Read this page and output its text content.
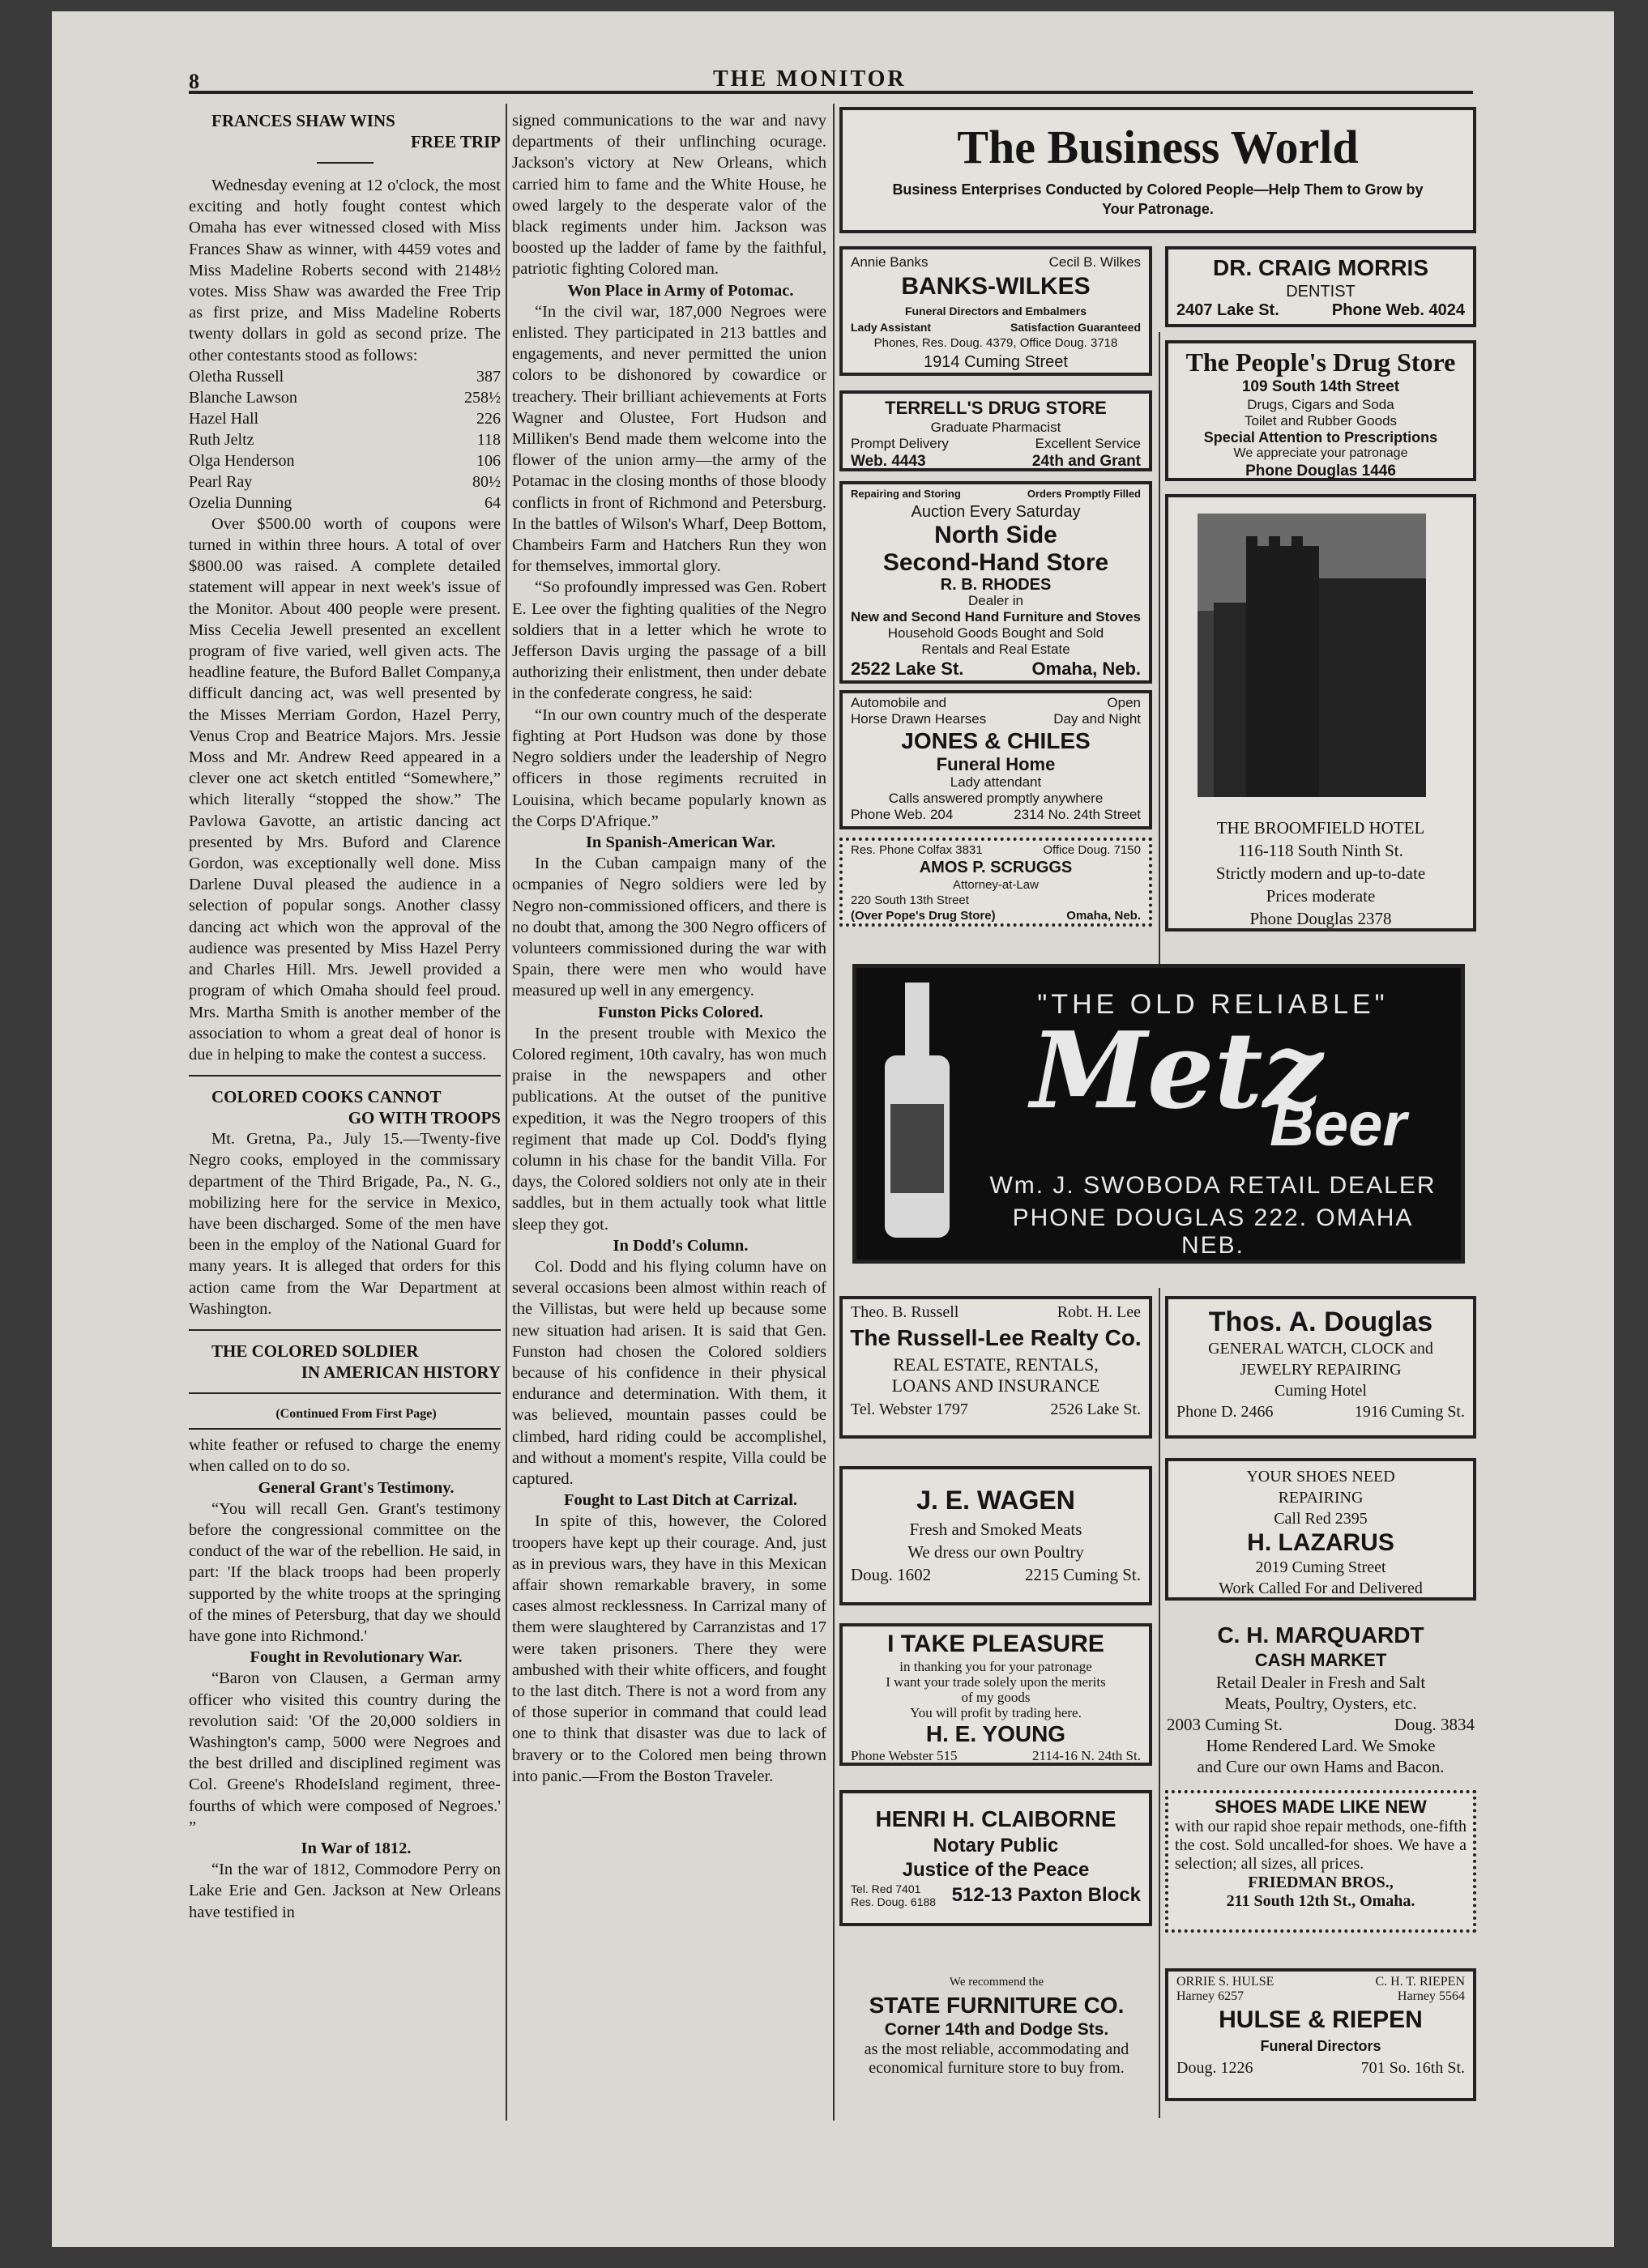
8	THE MONITOR

FRANCES SHAW WINS

FREE TRIP

Wednesday evening at 12 o'clock, the most exciting and hotly fought contest which Omaha has ever witnessed closed with Miss Frances Shaw as winner, with 4459 votes and Miss Madeline Roberts second with 2148½ votes. Miss Shaw was awarded the Free Trip as first prize, and Miss Madeline Roberts twenty dollars in gold as second prize. The other contestants stood as follows:

Oletha Russell	387
Blanche Lawson	258½
Hazel Hall	226
Ruth Jeltz	118
Olga Henderson	106
Pearl Ray	80½
Ozelia Dunning	64

Over $500.00 worth of coupons were turned in within three hours. A total of over $800.00 was raised. A complete detailed statement will appear in next week's issue of the Monitor. About 400 people were present. Miss Cecelia Jewell presented an excellent program of five varied, well given acts. The headline feature, the Buford Ballet Company,a difficult dancing act, was well presented by the Misses Merriam Gordon, Hazel Perry, Venus Crop and Beatrice Majors. Mrs. Jessie Moss and Mr. Andrew Reed appeared in a clever one act sketch entitled “Somewhere,” which literally “stopped the show.” The Pavlowa Gavotte, an artistic dancing act presented by Mrs. Buford and Clarence Gordon, was exceptionally well done. Miss Darlene Duval pleased the audience in a selection of popular songs. Another classy dancing act which won the approval of the audience was presented by Miss Hazel Perry and Charles Hill. Mrs. Jewell provided a program of which Omaha should feel proud. Mrs. Martha Smith is another member of the association to whom a great deal of honor is due in helping to make the contest a success.

COLORED COOKS CANNOT

GO WITH TROOPS

Mt. Gretna, Pa., July 15.—Twenty-five Negro cooks, employed in the commissary department of the Third Brigade, Pa., N. G., mobilizing here for the service in Mexico, have been discharged. Some of the men have been in the employ of the National Guard for many years. It is alleged that orders for this action came from the War Department at Washington.

THE COLORED SOLDIER

IN AMERICAN HISTORY

(Continued From First Page)

white feather or refused to charge the enemy when called on to do so.

General Grant's Testimony.

“You will recall Gen. Grant's testimony before the congressional committee on the conduct of the war of the rebellion. He said, in part: 'If the black troops had been properly supported by the white troops at the springing of the mines of Petersburg, that day we should have gone into Richmond.'

Fought in Revolutionary War.

“Baron von Clausen, a German army officer who visited this country during the revolution said: 'Of the 20,000 soldiers in Washington's camp, 5000 were Negroes and the best drilled and disciplined regiment was Col. Greene's RhodeIsland regiment, three-fourths of which were composed of Negroes.' ”

In War of 1812.

“In the war of 1812, Commodore Perry on Lake Erie and Gen. Jackson at New Orleans have testified in

signed communications to the war and navy departments of their unflinching ocurage. Jackson's victory at New Orleans, which carried him to fame and the White House, he owed largely to the desperate valor of the black regiments under him. Jackson was boosted up the ladder of fame by the faithful, patriotic fighting Colored man.

Won Place in Army of Potomac.

“In the civil war, 187,000 Negroes were enlisted. They participated in 213 battles and engagements, and never permitted the union colors to be dishonored by cowardice or treachery. Their brilliant achievements at Forts Wagner and Olustee, Fort Hudson and Milliken's Bend made them welcome into the flower of the union army—the army of the Potamac in the closing months of those bloody conflicts in front of Richmond and Petersburg. In the battles of Wilson's Wharf, Deep Bottom, Chambeirs Farm and Hatchers Run they won for themselves, immortal glory.

“So profoundly impressed was Gen. Robert E. Lee over the fighting qualities of the Negro soldiers that in a letter which he wrote to Jefferson Davis urging the passage of a bill authorizing their enlistment, then under debate in the confederate congress, he said:

“In our own country much of the desperate fighting at Port Hudson was done by those Negro soldiers under the leadership of Negro officers in those regiments recruited in Louisina, which became popularly known as the Corps D'Afrique.”

In Spanish-American War.

In the Cuban campaign many of the ocmpanies of Negro soldiers were led by Negro non-commissioned officers, and there is no doubt that, among the 300 Negro officers of volunteers commissioned during the war with Spain, there were men who would have measured up well in any emergency.

Funston Picks Colored.

In the present trouble with Mexico the Colored regiment, 10th cavalry, has won much praise in the newspapers and other publications. At the outset of the punitive expedition, it was the Negro troopers of this regiment that made up Col. Dodd's flying column in his chase for the bandit Villa. For days, the Colored soldiers not only ate in their saddles, but in them actually took what little sleep they got.

In Dodd's Column.

Col. Dodd and his flying column have on several occasions been almost within reach of the Villistas, but were held up because some new situation had arisen. It is said that Gen. Funston had chosen the Colored soldiers because of his confidence in their physical endurance and determination. With them, it was believed, mountain passes could be climbed, hard riding could be accomplishel, and without a moment's respite, Villa could be captured.

Fought to Last Ditch at Carrizal.

In spite of this, however, the Colored troopers have kept up their courage. And, just as in previous wars, they have in this Mexican affair shown remarkable bravery, in some cases almost recklessness. In Carrizal many of them were slaughtered by Carranzistas and 17 were taken prisoners. There they were ambushed with their white officers, and fought to the last ditch. There is not a word from any of those superior in command that could lead one to think that disaster was due to lack of bravery or to the Colored men being thrown into panic.—From the Boston Traveler.

The Business World
Business Enterprises Conducted by Colored People—Help Them to Grow by Your Patronage.
Annie Banks	Cecil B. Wilkes
BANKS-WILKES
Funeral Directors and Embalmers
Lady Assistant	Satisfaction Guaranteed
Phones, Res. Doug. 4379, Office Doug. 3718
1914 Cuming Street
DR. CRAIG MORRIS
DENTIST
2407 Lake St.	Phone Web. 4024
TERRELL'S DRUG STORE
Graduate Pharmacist
Prompt Delivery	Excellent Service
Web. 4443	24th and Grant
The People's Drug Store
109 South 14th Street
Drugs, Cigars and Soda
Toilet and Rubber Goods
Special Attention to Prescriptions
We appreciate your patronage
Phone Douglas 1446
Repairing and Storing	Orders Promptly Filled
Auction Every Saturday
North Side
Second-Hand Store
R. B. RHODES
Dealer in
New and Second Hand Furniture and Stoves
Household Goods Bought and Sold
Rentals and Real Estate
2522 Lake St.	Omaha, Neb.
THE BROOMFIELD HOTEL
116-118 South Ninth St.
Strictly modern and up-to-date
Prices moderate
Phone Douglas 2378
Automobile and	Open
Horse Drawn Hearses	Day and Night
JONES & CHILES
Funeral Home
Lady attendant
Calls answered promptly anywhere
Phone Web. 204	2314 No. 24th Street
Res. Phone Colfax 3831	Office Doug. 7150
AMOS P. SCRUGGS
Attorney-at-Law
220 South 13th Street
(Over Pope's Drug Store)	Omaha, Neb.
"THE OLD RELIABLE"
Metz
Beer
Wm. J. SWOBODA RETAIL DEALER
PHONE DOUGLAS 222. OMAHA NEB.
Theo. B. Russell	Robt. H. Lee
The Russell-Lee Realty Co.
REAL ESTATE, RENTALS,
LOANS AND INSURANCE
Tel. Webster 1797	2526 Lake St.
Thos. A. Douglas
GENERAL WATCH, CLOCK and
JEWELRY REPAIRING
Cuming Hotel
Phone D. 2466	1916 Cuming St.
J. E. WAGEN
Fresh and Smoked Meats
We dress our own Poultry
Doug. 1602	2215 Cuming St.
YOUR SHOES NEED
REPAIRING
Call Red 2395
H. LAZARUS
2019 Cuming Street
Work Called For and Delivered
I TAKE PLEASURE
in thanking you for your patronage
I want your trade solely upon the merits
of my goods
You will profit by trading here.
H. E. YOUNG
Phone Webster 515	2114-16 N. 24th St.
C. H. MARQUARDT
CASH MARKET
Retail Dealer in Fresh and Salt
Meats, Poultry, Oysters, etc.
2003 Cuming St.	Doug. 3834
Home Rendered Lard. We Smoke
and Cure our own Hams and Bacon.
HENRI H. CLAIBORNE
Notary Public
Justice of the Peace
Tel. Red 7401
Res. Doug. 6188 512-13 Paxton Block
SHOES MADE LIKE NEW
with our rapid shoe repair methods, one-fifth the cost. Sold uncalled-for shoes. We have a selection; all sizes, all prices.
FRIEDMAN BROS.,
211 South 12th St., Omaha.
We recommend the
STATE FURNITURE CO.
Corner 14th and Dodge Sts.
as the most reliable, accommodating and economical furniture store to buy from.
ORRIE S. HULSE	C. H. T. RIEPEN
Harney 6257	Harney 5564
HULSE & RIEPEN
Funeral Directors
Doug. 1226	701 So. 16th St.
